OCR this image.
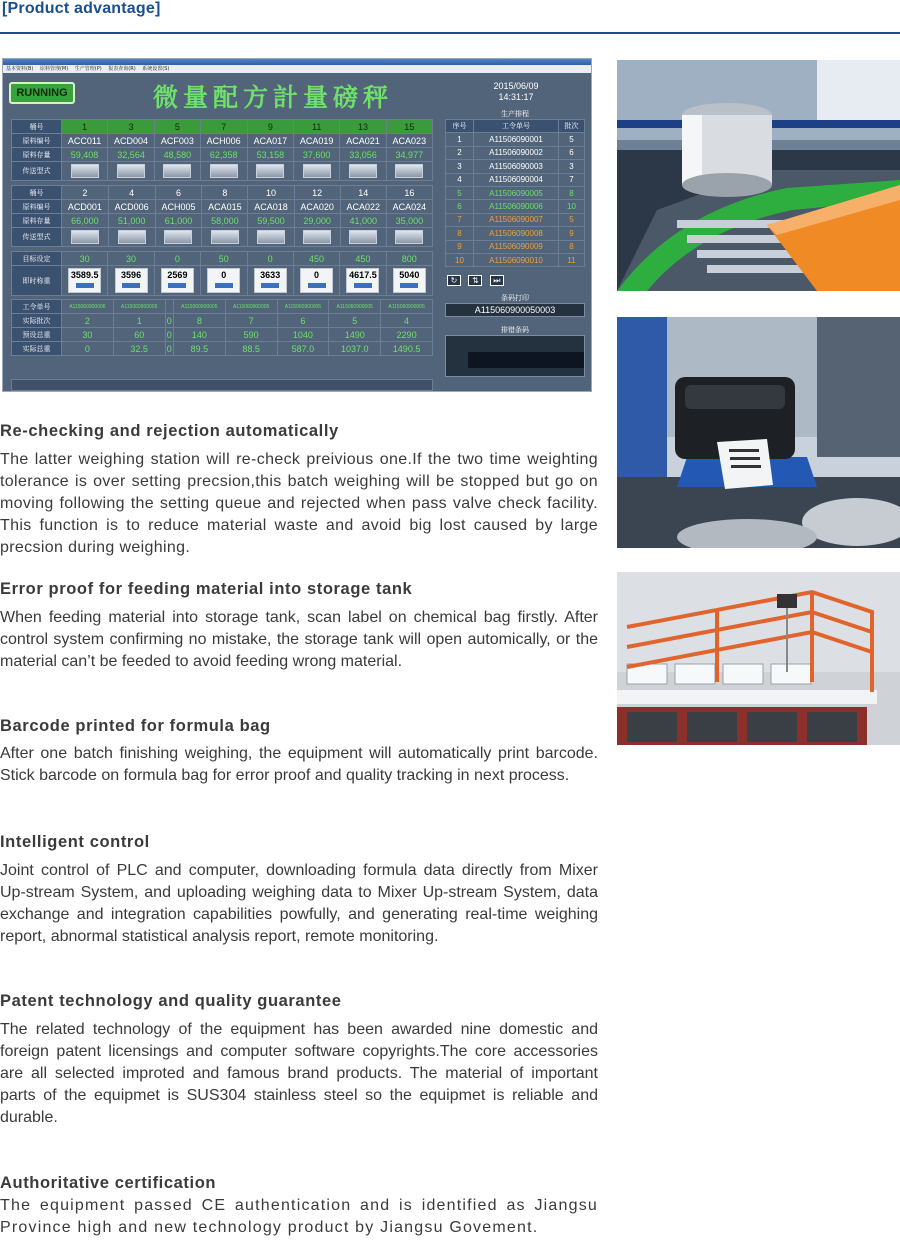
[Product advantage]
基本资料(B) 原料管理(M) 生产管理(P) 报表查询(R) 系统设置(S)
RUNNING	微量配方計量磅秤	2015/06/09
14:31:17
桶号	1	3	5	7	9	11	13	15
原料编号	ACC011	ACD004	ACF003	ACH006	ACA017	ACA019	ACA021	ACA023
原料存量	59,408	32,564	48,580	62,358	53,158	37,600	33,056	34,977
传送型式								
桶号	2	4	6	8	10	12	14	16
原料编号	ACD001	ACD006	ACH005	ACA015	ACA018	ACA020	ACA022	ACA024
原料存量	66,000	51,000	61,000	58,000	59,500	29,000	41,000	35,000
传送型式								
目标设定	30	30	0	50	0	450	450	800
即时称重	3589.5	3596	2569	0	3633	0	4617.5	5040
工令单号	A115060900006	A115060900006		A115060900005	A115060900005	A115060900005	A115060900005	A115060900005
实际批次	2	1	0	8	7	6	5	4
预设总重	30	60	0	140	590	1040	1490	2290
实际总重	0	32.5	0	89.5	88.5	587.0	1037.0	1490.5
生产排程
序号	工令单号	批次
1	A11506090001	5
2	A11506090002	6
3	A11506090003	3
4	A11506090004	7
5	A11506090005	8
6	A11506090006	10
7	A11506090007	5
8	A11506090008	9
9	A11506090009	8
10	A11506090010	11
↻ ⇅ ⏭
条码打印
A115060900050003
排错条码
Re-checking and rejection automatically

The latter weighing station will re-check preivious one.If the two time weighting tolerance is over setting precsion,this batch weighing will be stopped but go on moving following the setting queue and rejected when pass valve check facility. This function is to reduce material waste and avoid big lost caused by large precsion during weighing.

Error proof for feeding material into storage tank

When feeding material into storage tank, scan label on chemical bag firstly. After control system confirming no mistake, the storage tank will open automically, or the material can’t be feeded to avoid feeding wrong material.

Barcode printed for formula bag

After one batch finishing weighing, the equipment will automatically print barcode. Stick barcode on formula bag for error proof and quality tracking in next process.

Intelligent control

Joint control of PLC and computer, downloading formula data directly from Mixer Up-stream System, and uploading weighing data to Mixer Up-stream System, data exchange and integration capabilities powfully, and generating real-time weighing report, abnormal statistical analysis report, remote monitoring.

Patent technology and quality guarantee

The related technology of the equipment has been awarded nine domestic and foreign patent licensings and computer software copyrights.The core accessories are all selected improted and famous brand products. The material of important parts of the equipmet is SUS304 stainless steel so the equipmet is reliable and durable.

Authoritative certification

The equipment passed CE authentication and is identified as Jiangsu Province high and new technology product by Jiangsu Govement.
